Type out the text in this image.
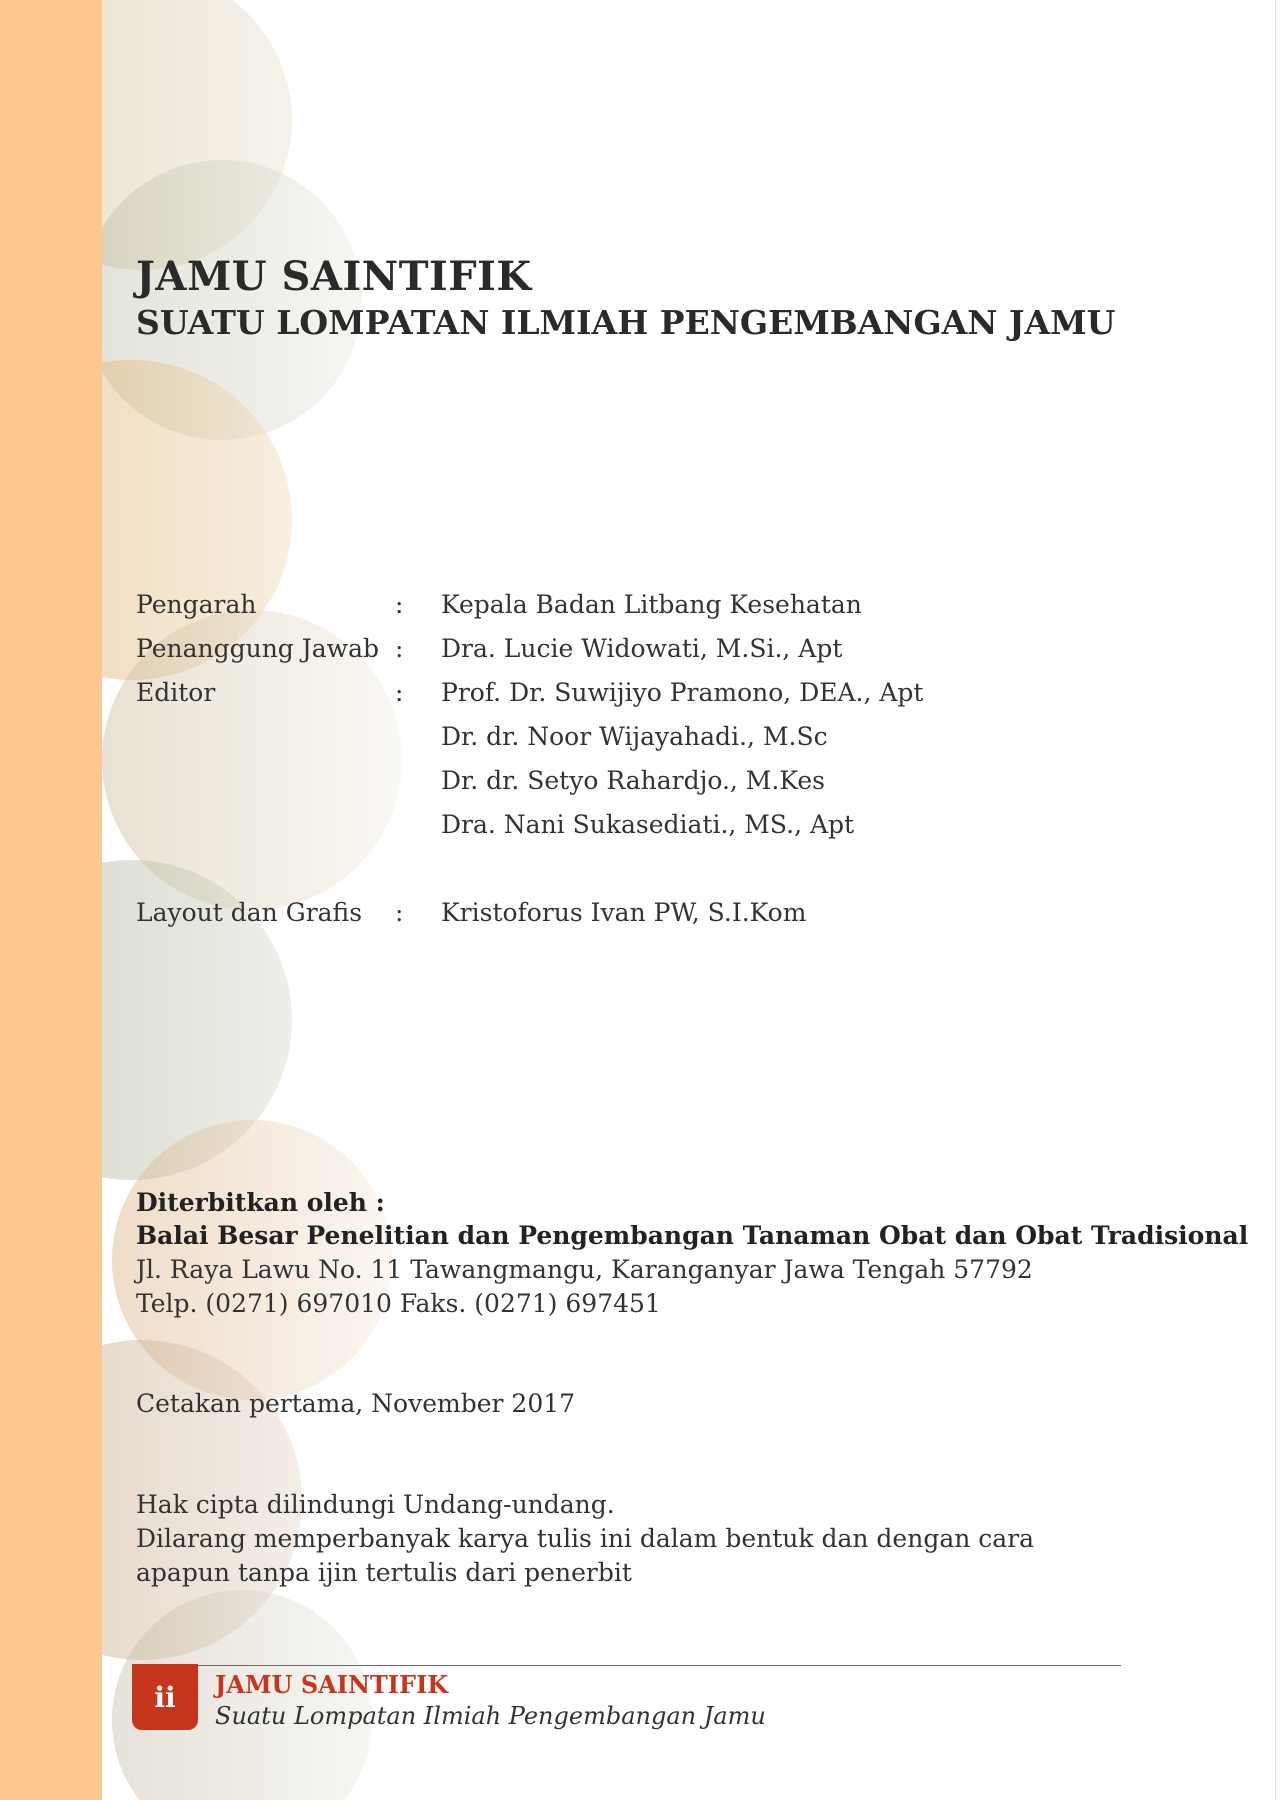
JAMU SAINTIFIK
SUATU LOMPATAN ILMIAH PENGEMBANGAN JAMU
Pengarah	: Kepala Badan Litbang Kesehatan
Penanggung Jawab : Dra. Lucie Widowati, M.Si., Apt
Editor	: Prof. Dr. Suwijiyo Pramono, DEA., Apt
Dr. dr. Noor Wijayahadi., M.Sc
Dr. dr. Setyo Rahardjo., M.Kes
Dra. Nani Sukasediati., MS., Apt
Layout dan Grafis : Kristoforus Ivan PW, S.I.Kom
Diterbitkan oleh :
Balai Besar Penelitian dan Pengembangan Tanaman Obat dan Obat Tradisional
Jl. Raya Lawu No. 11 Tawangmangu, Karanganyar Jawa Tengah 57792
Telp. (0271) 697010 Faks. (0271) 697451
Cetakan pertama, November 2017
Hak cipta dilindungi Undang-undang.
Dilarang memperbanyak karya tulis ini dalam bentuk dan dengan cara
apapun tanpa ijin tertulis dari penerbit
ii	JAMU SAINTIFIK
Suatu Lompatan Ilmiah Pengembangan Jamu
